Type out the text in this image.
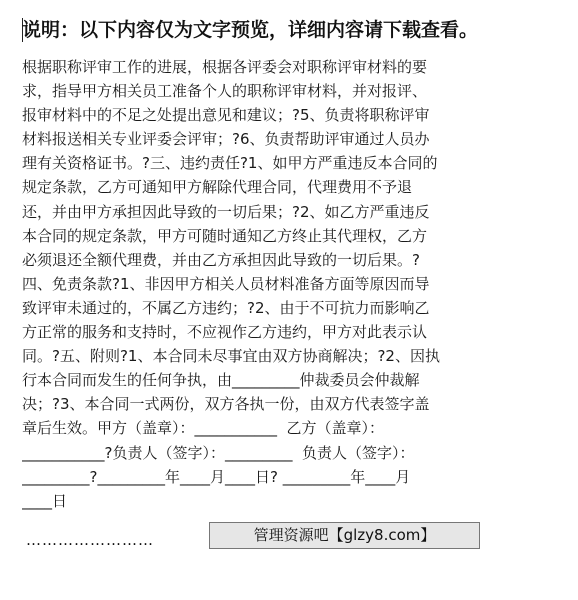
说明：以下内容仅为文字预览，详细内容请下载查看。
根据职称评审工作的进展，根据各评委会对职称评审材料的要
求，指导甲方相关员工准备个人的职称评审材料，并对报评、
报审材料中的不足之处提出意见和建议；?5、负责将职称评审
材料报送相关专业评委会评审；?6、负责帮助评审通过人员办
理有关资格证书。?三、违约责任?1、如甲方严重违反本合同的
规定条款，乙方可通知甲方解除代理合同，代理费用不予退
还，并由甲方承担因此导致的一切后果；?2、如乙方严重违反
本合同的规定条款，甲方可随时通知乙方终止其代理权，乙方
必须退还全额代理费，并由乙方承担因此导致的一切后果。?
四、免责条款?1、非因甲方相关人员材料准备方面等原因而导
致评审未通过的，不属乙方违约；?2、由于不可抗力而影响乙
方正常的服务和支持时，不应视作乙方违约，甲方对此表示认
同。?五、附则?1、本合同未尽事宜由双方协商解决；?2、因执
行本合同而发生的任何争执，由_________仲裁委员会仲裁解
决；?3、本合同一式两份，双方各执一份，由双方代表签字盖
章后生效。甲方（盖章）：___________  乙方（盖章）：
___________?负责人（签字）：_________  负责人（签字）：
_________?_________年____月____日? _________年____月
____日
……………………	管理资源吧【glzy8.com】
